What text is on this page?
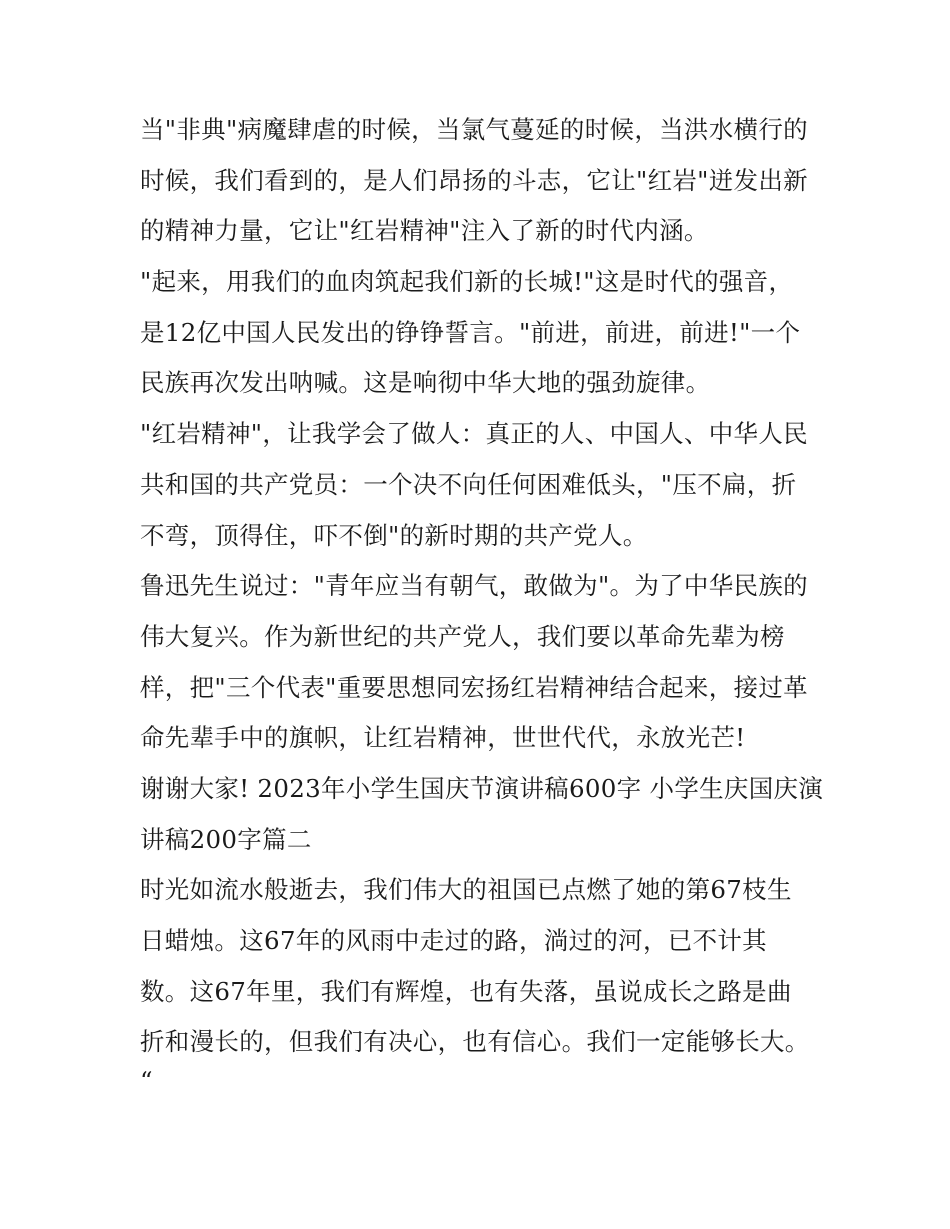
当"非典"病魔肆虐的时候，当氯气蔓延的时候，当洪水横行的
时候，我们看到的，是人们昂扬的斗志，它让"红岩"迸发出新
的精神力量，它让"红岩精神"注入了新的时代内涵。
"起来，用我们的血肉筑起我们新的长城!"这是时代的强音，
是12亿中国人民发出的铮铮誓言。"前进，前进，前进!"一个
民族再次发出呐喊。这是响彻中华大地的强劲旋律。
"红岩精神"，让我学会了做人：真正的人、中国人、中华人民
共和国的共产党员：一个决不向任何困难低头，"压不扁，折
不弯，顶得住，吓不倒"的新时期的共产党人。
鲁迅先生说过："青年应当有朝气，敢做为"。为了中华民族的
伟大复兴。作为新世纪的共产党人，我们要以革命先辈为榜
样，把"三个代表"重要思想同宏扬红岩精神结合起来，接过革
命先辈手中的旗帜，让红岩精神，世世代代，永放光芒!
谢谢大家! 2023年小学生国庆节演讲稿600字 小学生庆国庆演
讲稿200字篇二
时光如流水般逝去，我们伟大的祖国已点燃了她的第67枝生
日蜡烛。这67年的风雨中走过的路，淌过的河，已不计其
数。这67年里，我们有辉煌，也有失落，虽说成长之路是曲
折和漫长的，但我们有决心，也有信心。我们一定能够长大。
“
